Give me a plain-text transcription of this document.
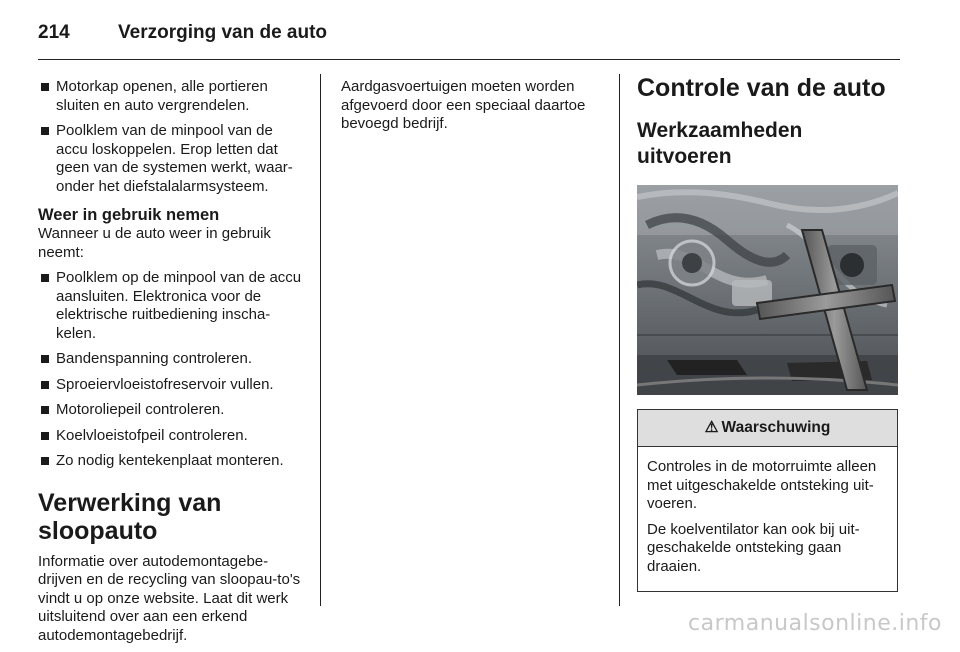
214	Verzorging van de auto
Motorkap openen, alle portieren sluiten en auto vergrendelen.
Poolklem van de minpool van de accu loskoppelen. Erop letten dat geen van de systemen werkt, waar-onder het diefstalalarmsysteem.
Weer in gebruik nemen

Wanneer u de auto weer in gebruik neemt:

Poolklem op de minpool van de accu aansluiten. Elektronica voor de elektrische ruitbediening inscha-kelen.
Bandenspanning controleren.
Sproeiervloeistofreservoir vullen.
Motoroliepeil controleren.
Koelvloeistofpeil controleren.
Zo nodig kentekenplaat monteren.
Verwerking van sloopauto

Informatie over autodemontagebe-drijven en de recycling van sloopau-to's vindt u op onze website. Laat dit werk uitsluitend over aan een erkend autodemontagebedrijf.

Aardgasvoertuigen moeten worden afgevoerd door een speciaal daartoe bevoegd bedrijf.

Controle van de auto
Werkzaamheden
uitvoeren
⚠ Waarschuwing

Controles in de motorruimte alleen met uitgeschakelde ontsteking uit-voeren.

De koelventilator kan ook bij uit-geschakelde ontsteking gaan draaien.

carmanualsonline.info
